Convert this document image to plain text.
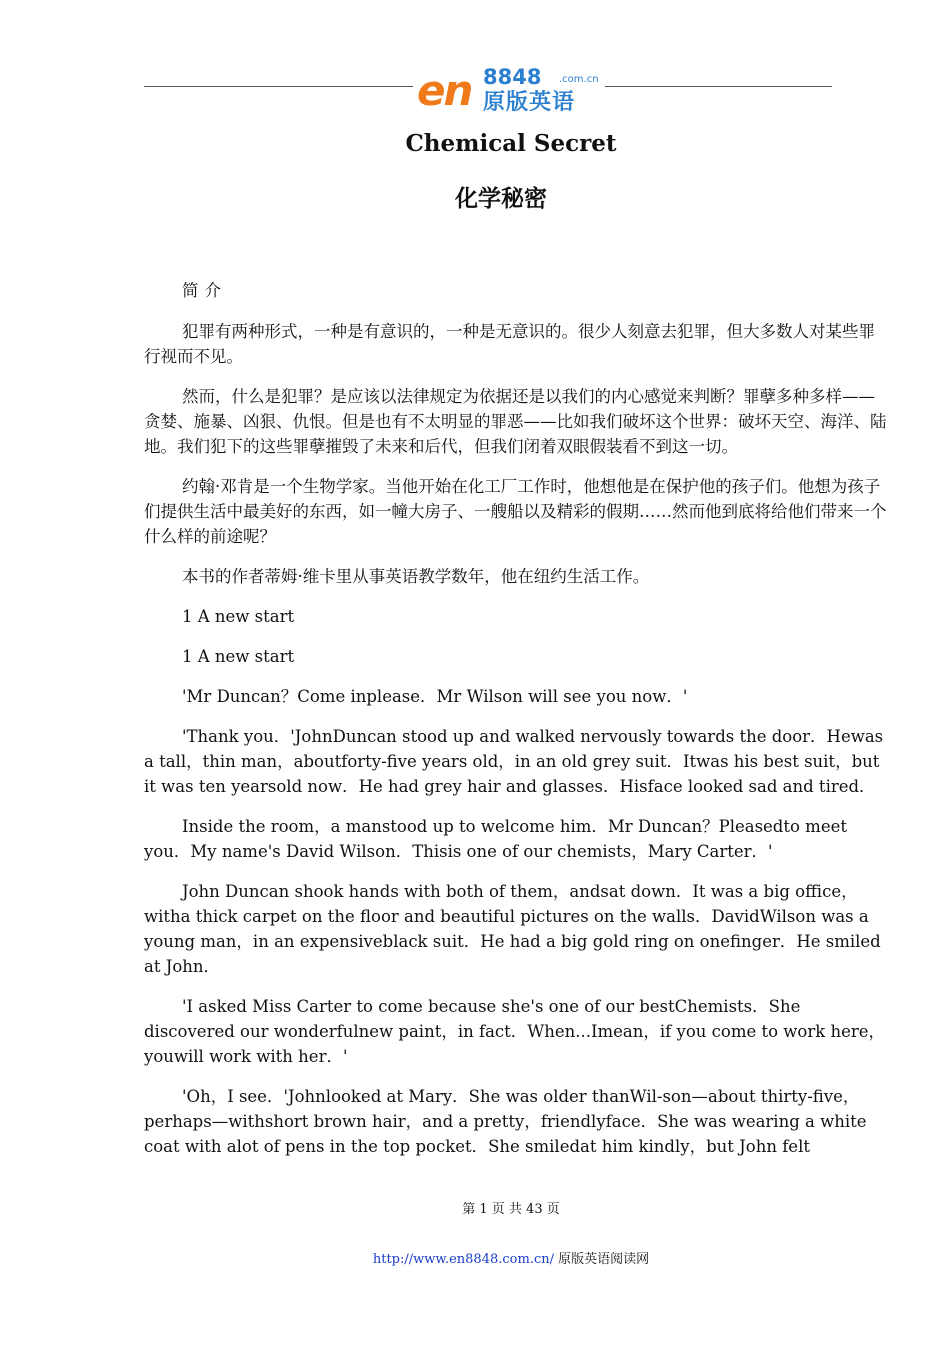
en 8848 .com.cn
原版英语
Chemical Secret
化学秘密

简介

犯罪有两种形式，一种是有意识的，一种是无意识的。很少人刻意去犯罪，但大多数人对某些罪行视而不见。

然而，什么是犯罪？是应该以法律规定为依据还是以我们的内心感觉来判断？罪孽多种多样——贪婪、施暴、凶狠、仇恨。但是也有不太明显的罪恶——比如我们破坏这个世界：破坏天空、海洋、陆地。我们犯下的这些罪孽摧毁了未来和后代，但我们闭着双眼假装看不到这一切。

约翰·邓肯是一个生物学家。当他开始在化工厂工作时，他想他是在保护他的孩子们。他想为孩子们提供生活中最美好的东西，如一幢大房子、一艘船以及精彩的假期……然而他到底将给他们带来一个什么样的前途呢？

本书的作者蒂姆·维卡里从事英语教学数年，他在纽约生活工作。

1 A new start

1 A new start

'Mr Duncan？Come inplease．Mr Wilson will see you now．'

'Thank you．'JohnDuncan stood up and walked nervously towards the door．Hewas a tall，thin man，aboutforty-five years old，in an old grey suit．Itwas his best suit，but it was ten yearsold now．He had grey hair and glasses．Hisface looked sad and tired．

Inside the room，a manstood up to welcome him．Mr Duncan？Pleasedto meet you．My name's David Wilson．Thisis one of our chemists，Mary Carter．'

John Duncan shook hands with both of them，andsat down．It was a big office，witha thick carpet on the floor and beautiful pictures on the walls．DavidWilson was a young man，in an expensiveblack suit．He had a big gold ring on onefinger．He smiled at John．

'I asked Miss Carter to come because she's one of our bestChemists．She discovered our wonderfulnew paint，in fact．When...Imean，if you come to work here，youwill work with her．'

'Oh，I see．'Johnlooked at Mary．She was older thanWil-son—about thirty-five，perhaps—withshort brown hair，and a pretty，friendlyface．She was wearing a white coat with alot of pens in the top pocket．She smiledat him kindly，but John felt

第 1 页 共 43 页
http://www.en8848.com.cn/ 原版英语阅读网
